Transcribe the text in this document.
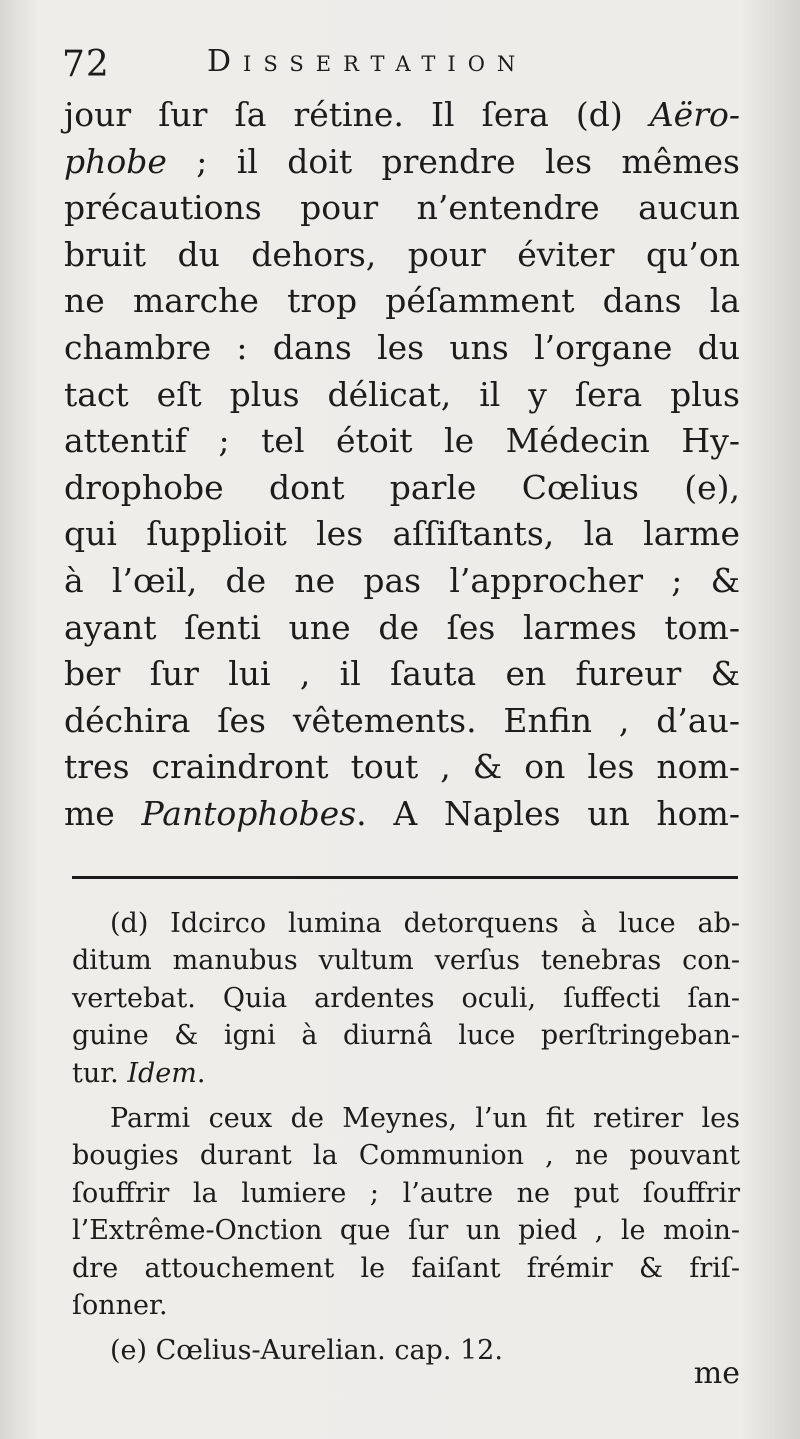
72	Dissertation
jour ſur ſa rétine. Il ſera (d) Aëro-
phobe ; il doit prendre les mêmes
précautions pour n’entendre aucun
bruit du dehors, pour éviter qu’on
ne marche trop péſamment dans la
chambre : dans les uns l’organe du
tact eſt plus délicat, il y ſera plus
attentif ; tel étoit le Médecin Hy-
drophobe dont parle Cœlius (e),
qui ſupplioit les aſſiſtants, la larme
à l’œil, de ne pas l’approcher ; &
ayant ſenti une de ſes larmes tom-
ber ſur lui , il ſauta en fureur &
déchira ſes vêtements. Enfin , d’au-
tres craindront tout , & on les nom-
me Pantophobes. A Naples un hom-
(d) Idcirco lumina detorquens à luce ab-
ditum manubus vultum verſus tenebras con-
vertebat. Quia ardentes oculi, ſuffecti ſan-
guine & igni à diurnâ luce perſtringeban-
tur. Idem.
Parmi ceux de Meynes, l’un fit retirer les
bougies durant la Communion , ne pouvant
ſouffrir la lumiere ; l’autre ne put ſouffrir
l’Extrême-Onction que ſur un pied , le moin-
dre attouchement le faiſant frémir & friſ-
ſonner.
(e) Cœlius-Aurelian. cap. 12.
me
